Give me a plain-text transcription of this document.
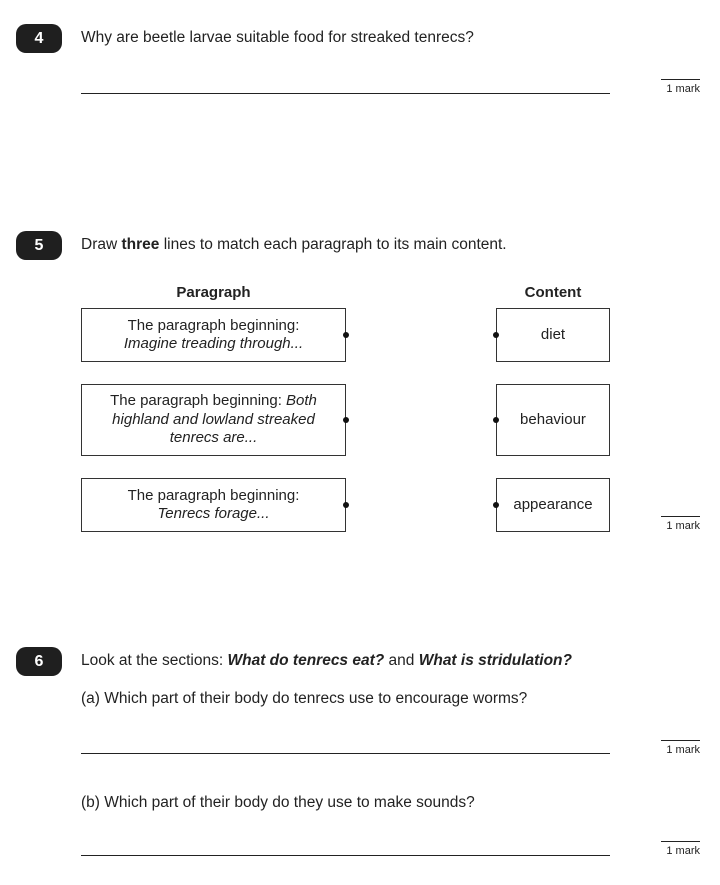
4 Why are beetle larvae suitable food for streaked tenrecs?
1 mark
5 Draw three lines to match each paragraph to its main content.
Paragraph	Content
The paragraph beginning:
Imagine treading through...
The paragraph beginning: Both highland and lowland streaked tenrecs are...
The paragraph beginning:
Tenrecs forage...
diet
behaviour
appearance
1 mark
6 Look at the sections: What do tenrecs eat? and What is stridulation?
(a) Which part of their body do tenrecs use to encourage worms?
1 mark
(b) Which part of their body do they use to make sounds?
1 mark
